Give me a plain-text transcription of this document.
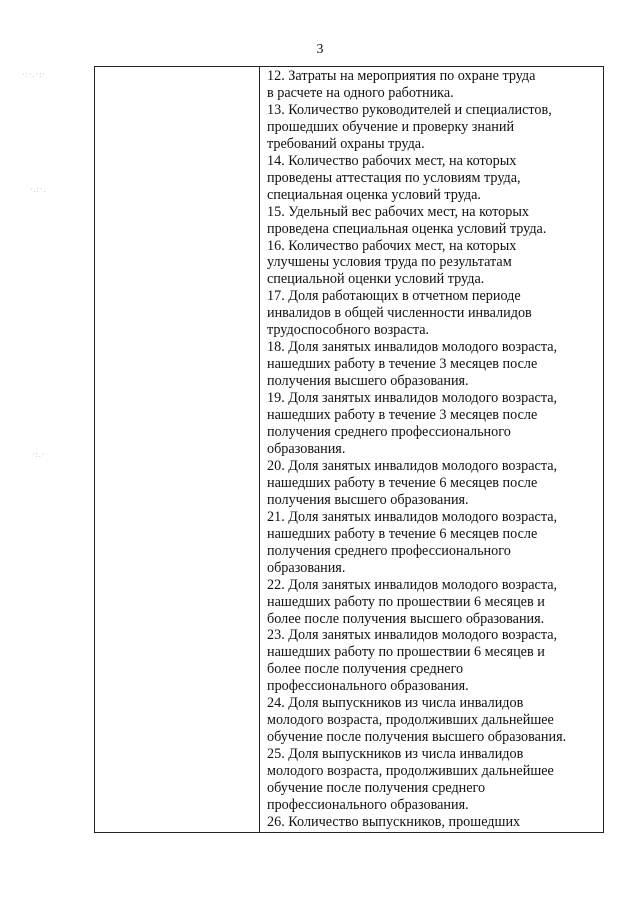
3
·:·.·:·
·.:·.
·:.·

12. Затраты на мероприятия по охране труда
в расчете на одного работника.

13. Количество руководителей и специалистов,
прошедших обучение и проверку знаний
требований охраны труда.

14. Количество рабочих мест, на которых
проведены аттестация по условиям труда,
специальная оценка условий труда.

15. Удельный вес рабочих мест, на которых
проведена специальная оценка условий труда.

16. Количество рабочих мест, на которых
улучшены условия труда по результатам
специальной оценки условий труда.

17. Доля работающих в отчетном периоде
инвалидов в общей численности инвалидов
трудоспособного возраста.

18. Доля занятых инвалидов молодого возраста,
нашедших работу в течение 3 месяцев после
получения высшего образования.

19. Доля занятых инвалидов молодого возраста,
нашедших работу в течение 3 месяцев после
получения среднего профессионального
образования.

20. Доля занятых инвалидов молодого возраста,
нашедших работу в течение 6 месяцев после
получения высшего образования.

21. Доля занятых инвалидов молодого возраста,
нашедших работу в течение 6 месяцев после
получения среднего профессионального
образования.

22. Доля занятых инвалидов молодого возраста,
нашедших работу по прошествии 6 месяцев и
более после получения высшего образования.

23. Доля занятых инвалидов молодого возраста,
нашедших работу по прошествии 6 месяцев и
более после получения среднего
профессионального образования.

24. Доля выпускников из числа инвалидов
молодого возраста, продолживших дальнейшее
обучение после получения высшего образования.

25. Доля выпускников из числа инвалидов
молодого возраста, продолживших дальнейшее
обучение после получения среднего
профессионального образования.

26. Количество выпускников, прошедших
